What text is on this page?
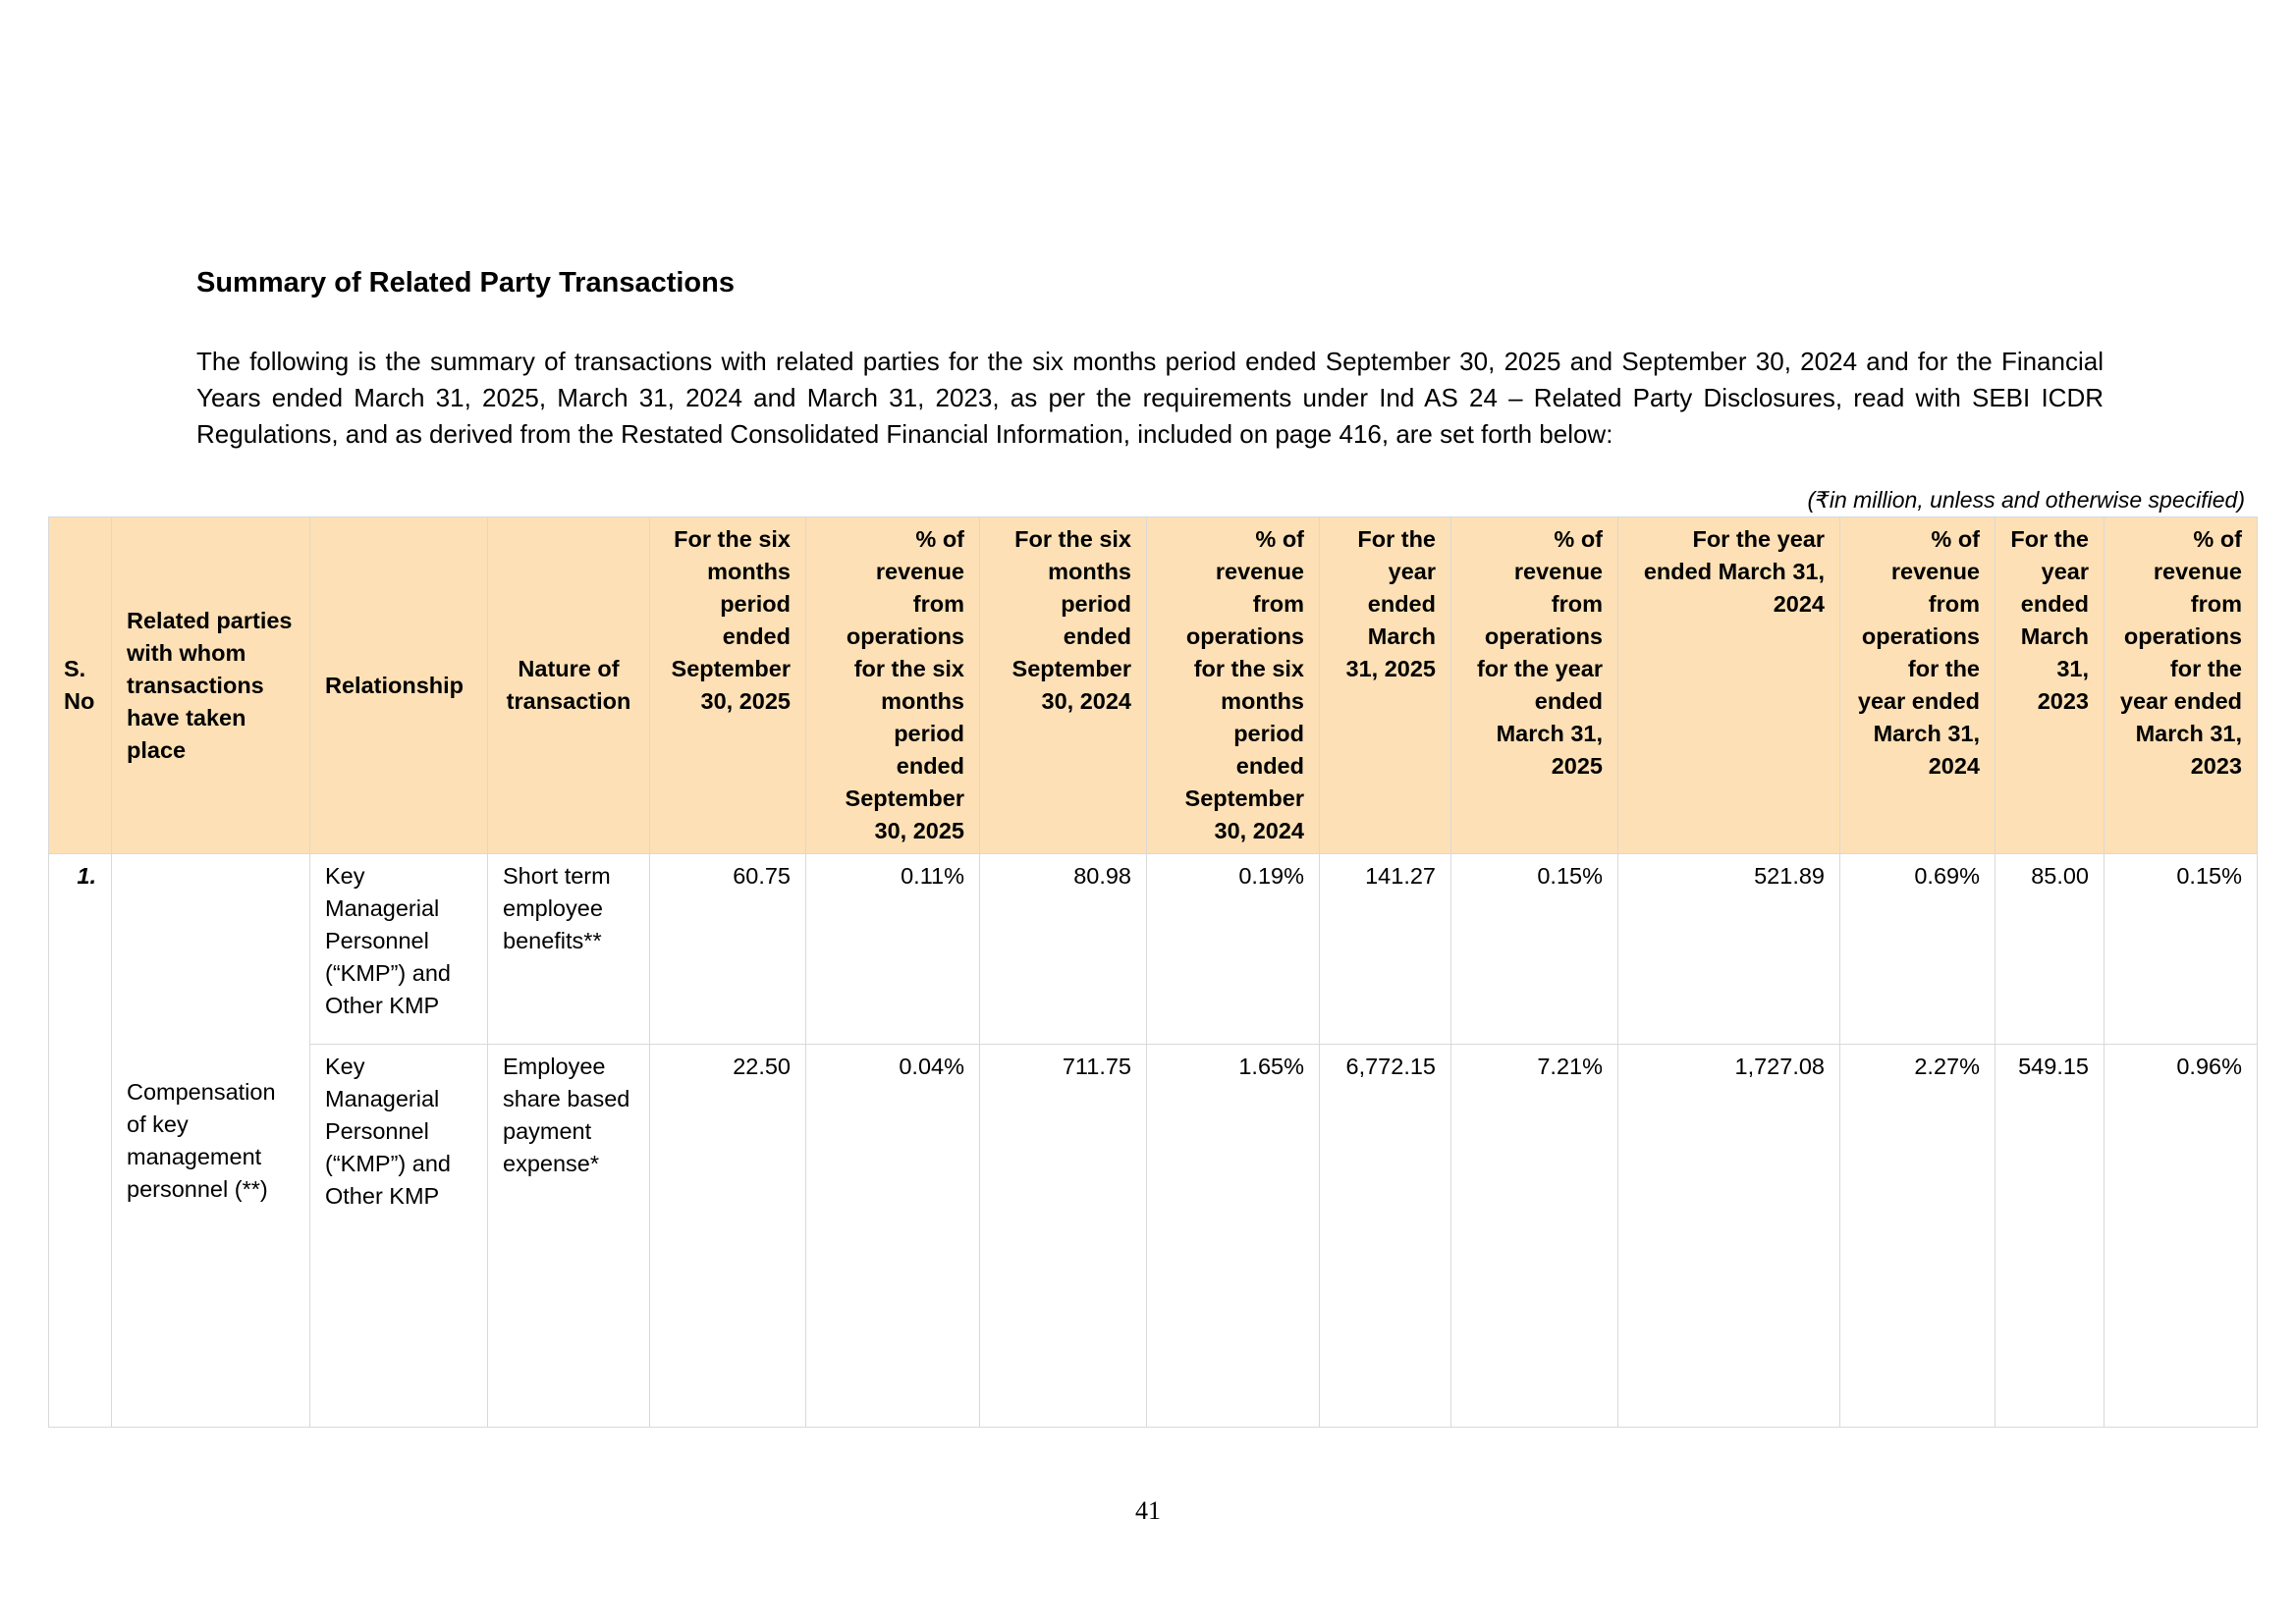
Summary of Related Party Transactions

The following is the summary of transactions with related parties for the six months period ended September 30, 2025 and September 30, 2024 and for the Financial Years ended March 31, 2025, March 31, 2024 and March 31, 2023, as per the requirements under Ind AS 24 – Related Party Disclosures, read with SEBI ICDR Regulations, and as derived from the Restated Consolidated Financial Information, included on page 416, are set forth below:

(₹in million, unless and otherwise specified)
S. No	Related parties with whom transactions have taken place	Relationship	Nature of transaction	For the six months period ended September 30, 2025	% of revenue from operations for the six months period ended September 30, 2025	For the six months period ended September 30, 2024	% of revenue from operations for the six months period ended September 30, 2024	For the year ended March 31, 2025	% of revenue from operations for the year ended March 31, 2025	For the year ended March 31, 2024	% of revenue from operations for the year ended March 31, 2024	For the year ended March 31, 2023	% of revenue from operations for the year ended March 31, 2023
1.	Compensation of key management personnel (**)	Key Managerial Personnel (“KMP”) and Other KMP	Short term employee benefits**	60.75	0.11%	80.98	0.19%	141.27	0.15%	521.89	0.69%	85.00	0.15%
		Key Managerial Personnel (“KMP”) and Other KMP	Employee share based payment expense*	22.50	0.04%	711.75	1.65%	6,772.15	7.21%	1,727.08	2.27%	549.15	0.96%
41
